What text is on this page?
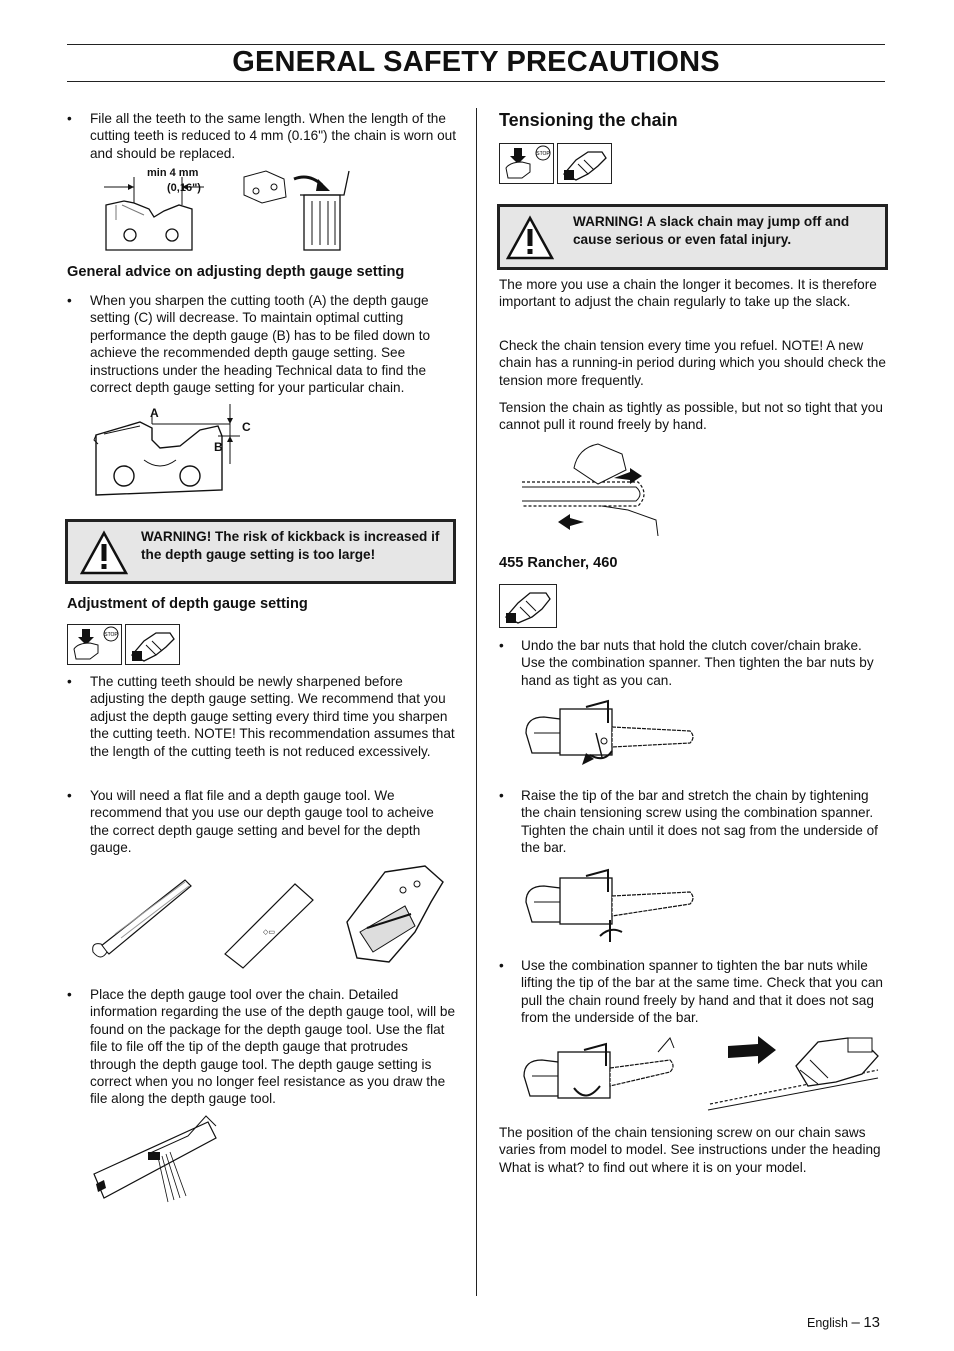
GENERAL SAFETY PRECAUTIONS
• File all the teeth to the same length. When the length of the cutting teeth is reduced to 4 mm (0.16") the chain is worn out and should be replaced.
min 4 mm
(0,16")
General advice on adjusting depth gauge setting
• When you sharpen the cutting tooth (A) the depth gauge setting (C) will decrease. To maintain optimal cutting performance the depth gauge (B) has to be filed down to achieve the recommended depth gauge setting. See instructions under the heading Technical data to find the correct depth gauge setting for your particular chain.
A
B
C
WARNING! The risk of kickback is increased if the depth gauge setting is too large!
Adjustment of depth gauge setting
STOP
• The cutting teeth should be newly sharpened before adjusting the depth gauge setting. We recommend that you adjust the depth gauge setting every third time you sharpen the cutting teeth. NOTE! This recommendation assumes that the length of the cutting teeth is not reduced excessively.
• You will need a flat file and a depth gauge tool. We recommend that you use our depth gauge tool to acheive the correct depth gauge setting and bevel for the depth gauge.
◇▭
• Place the depth gauge tool over the chain. Detailed information regarding the use of the depth gauge tool, will be found on the package for the depth gauge tool. Use the flat file to file off the tip of the depth gauge that protrudes through the depth gauge tool. The depth gauge setting is correct when you no longer feel resistance as you draw the file along the depth gauge tool.
Tensioning the chain
STOP
WARNING! A slack chain may jump off and cause serious or even fatal injury.
The more you use a chain the longer it becomes. It is therefore important to adjust the chain regularly to take up the slack.
Check the chain tension every time you refuel. NOTE! A new chain has a running-in period during which you should check the tension more frequently.
Tension the chain as tightly as possible, but not so tight that you cannot pull it round freely by hand.
455 Rancher, 460
• Undo the bar nuts that hold the clutch cover/chain brake. Use the combination spanner. Then tighten the bar nuts by hand as tight as you can.
• Raise the tip of the bar and stretch the chain by tightening the chain tensioning screw using the combination spanner. Tighten the chain until it does not sag from the underside of the bar.
• Use the combination spanner to tighten the bar nuts while lifting the tip of the bar at the same time. Check that you can pull the chain round freely by hand and that it does not sag from the underside of the bar.
The position of the chain tensioning screw on our chain saws varies from model to model. See instructions under the heading What is what? to find out where it is on your model.
English – 13
